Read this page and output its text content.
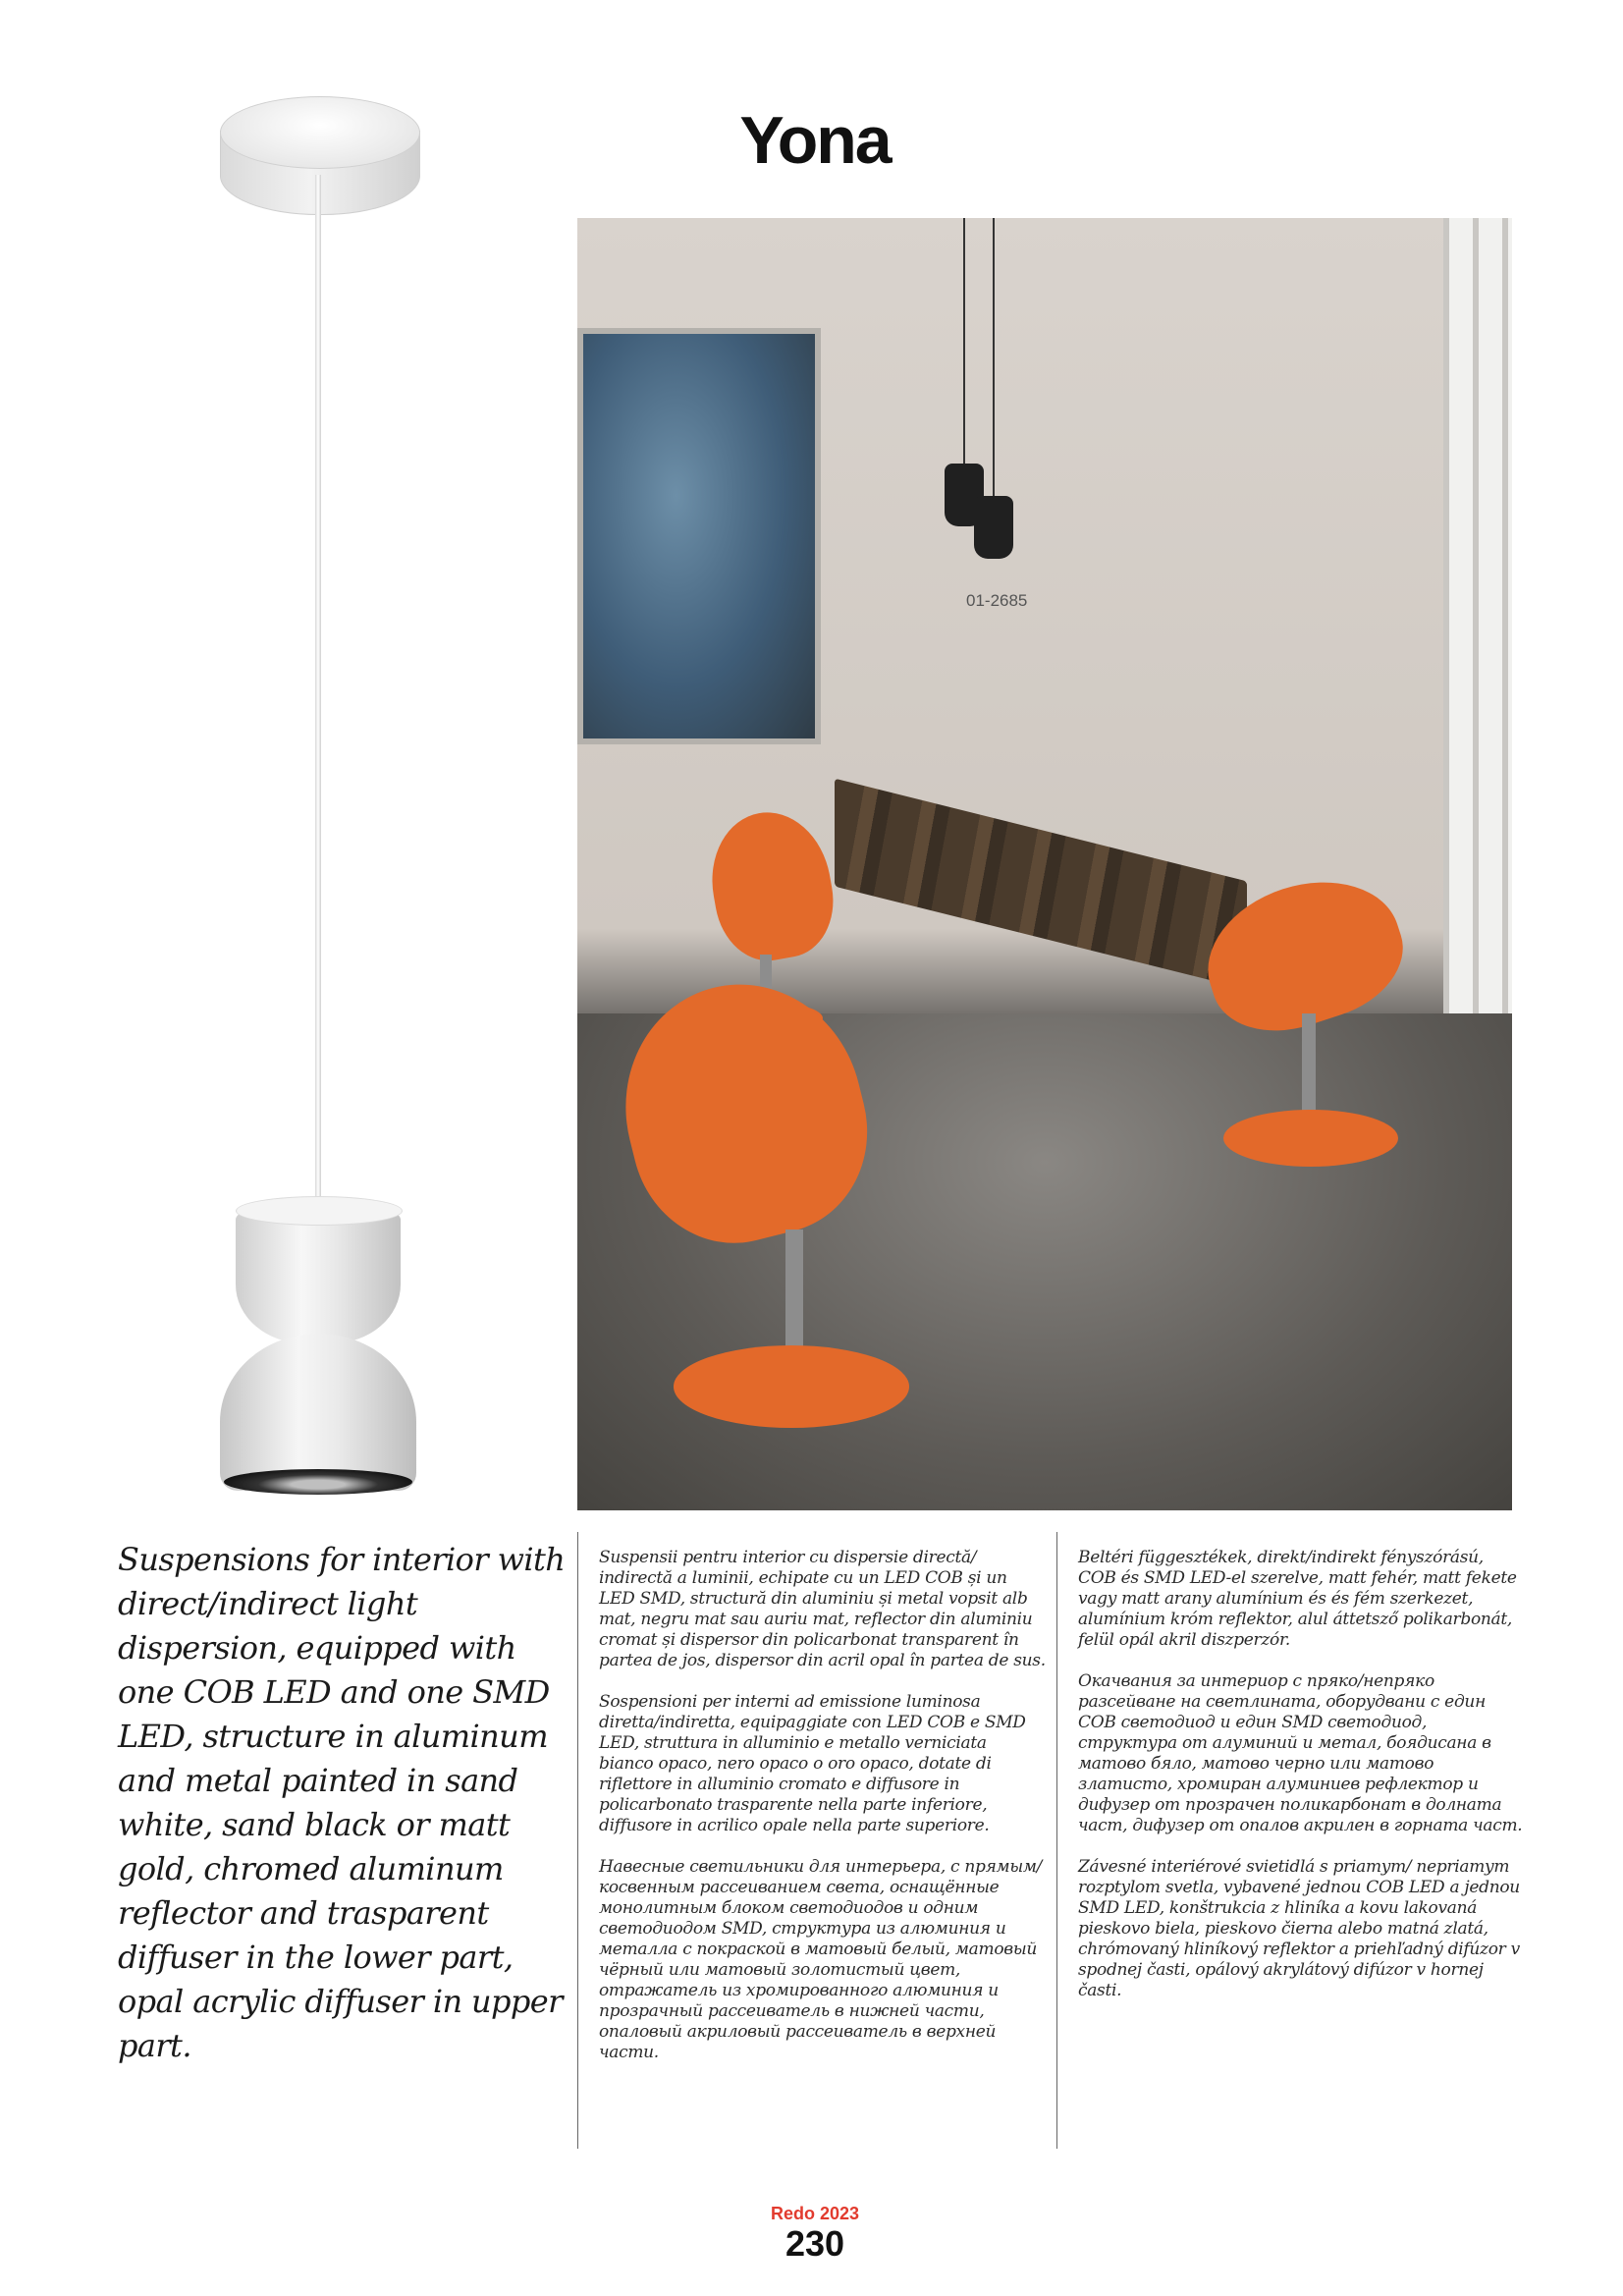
Yona
01-2685
Suspensions for interior with direct/indirect light dispersion, equipped with one COB LED and one SMD LED, structure in aluminum and metal painted in sand white, sand black or matt gold, chromed aluminum reflector and trasparent diffuser in the lower part, opal acrylic diffuser in upper part.

Suspensii pentru interior cu dispersie directă/ indirectă a luminii, echipate cu un LED COB și un LED SMD, structură din aluminiu și metal vopsit alb mat, negru mat sau auriu mat, reflector din aluminiu cromat și dispersor din policarbonat transparent în partea de jos, dispersor din acril opal în partea de sus.

Sospensioni per interni ad emissione luminosa diretta/indiretta, equipaggiate con LED COB e SMD LED, struttura in alluminio e metallo verniciata bianco opaco, nero opaco o oro opaco, dotate di riflettore in alluminio cromato e diffusore in policarbonato trasparente nella parte inferiore, diffusore in acrilico opale nella parte superiore.

Навесные светильники для интерьера, с прямым/косвенным рассеиванием света, оснащённые монолитным блоком светодиодов и одним светодиодом SMD, структура из алюминия и металла с покраской в матовый белый, матовый чёрный или матовый золотистый цвет, отражатель из хромированного алюминия и прозрачный рассеиватель в нижней части, опаловый акриловый рассеиватель в верхней части.

Beltéri függesztékek, direkt/indirekt fényszórású, COB és SMD LED-el szerelve, matt fehér, matt fekete vagy matt arany alumínium és és fém szerkezet, alumínium króm reflektor, alul áttetsző polikarbonát, felül opál akril diszperzór.

Окачвания за интериор с пряко/непряко разсейване на светлината, оборудвани с един COB светодиод и един SMD светодиод, структура от алуминий и метал, боядисана в матово бяло, матово черно или матово златисто, хромиран алуминиев рефлектор и дифузер от прозрачен поликарбонат в долната част, дифузер от опалов акрилен в горната част.

Závesné interiérové svietidlá s priamym/ nepriamym rozptylom svetla, vybavené jednou COB LED a jednou SMD LED, konštrukcia z hliníka a kovu lakovaná pieskovo biela, pieskovo čierna alebo matná zlatá, chrómovaný hliníkový reflektor a priehľadný difúzor v spodnej časti, opálový akrylátový difúzor v hornej časti.

Redo 2023
230
